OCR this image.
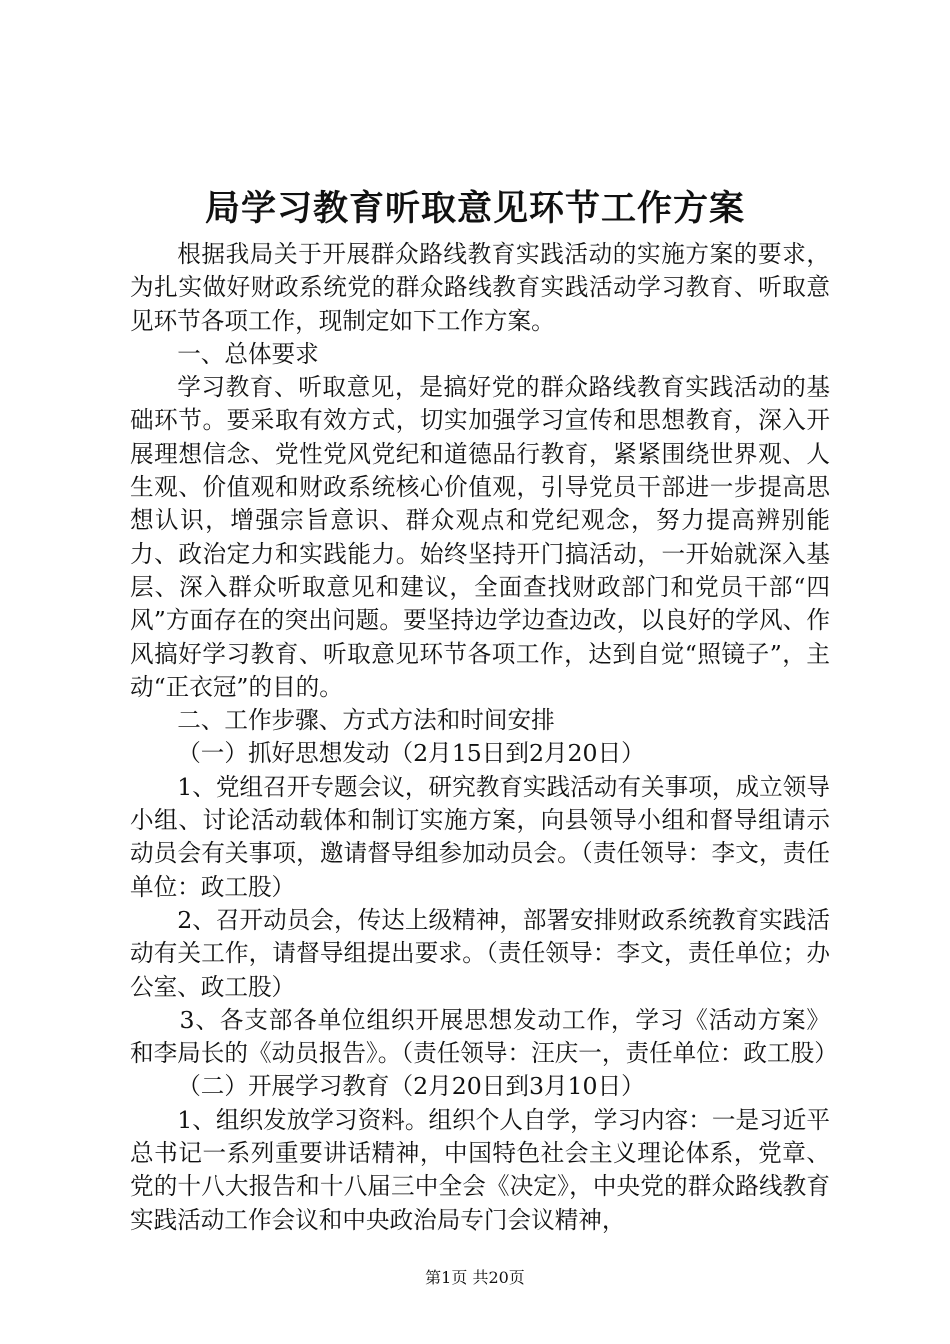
局学习教育听取意见环节工作方案

根据我局关于开展群众路线教育实践活动的实施方案的要求，为扎实做好财政系统党的群众路线教育实践活动学习教育、听取意见环节各项工作，现制定如下工作方案。

一、总体要求

学习教育、听取意见，是搞好党的群众路线教育实践活动的基础环节。要采取有效方式，切实加强学习宣传和思想教育，深入开展理想信念、党性党风党纪和道德品行教育，紧紧围绕世界观、人生观、价值观和财政系统核心价值观，引导党员干部进一步提高思想认识，增强宗旨意识、群众观点和党纪观念，努力提高辨别能力、政治定力和实践能力。始终坚持开门搞活动，一开始就深入基层、深入群众听取意见和建议，全面查找财政部门和党员干部“四风”方面存在的突出问题。要坚持边学边查边改，以良好的学风、作风搞好学习教育、听取意见环节各项工作，达到自觉“照镜子”，主动“正衣冠”的目的。

二、工作步骤、方式方法和时间安排

（一）抓好思想发动（2月15日到2月20日）

1、党组召开专题会议，研究教育实践活动有关事项，成立领导小组、讨论活动载体和制订实施方案，向县领导小组和督导组请示动员会有关事项，邀请督导组参加动员会。（责任领导：李文，责任单位：政工股）

2、召开动员会，传达上级精神，部署安排财政系统教育实践活动有关工作，请督导组提出要求。（责任领导：李文，责任单位；办公室、政工股）

3、各支部各单位组织开展思想发动工作，学习《活动方案》和李局长的《动员报告》。（责任领导：汪庆一，责任单位：政工股）

（二）开展学习教育（2月20日到3月10日）

1、组织发放学习资料。组织个人自学，学习内容：一是习近平总书记一系列重要讲话精神，中国特色社会主义理论体系，党章、党的十八大报告和十八届三中全会《决定》，中央党的群众路线教育实践活动工作会议和中央政治局专门会议精神，

第1页 共20页
